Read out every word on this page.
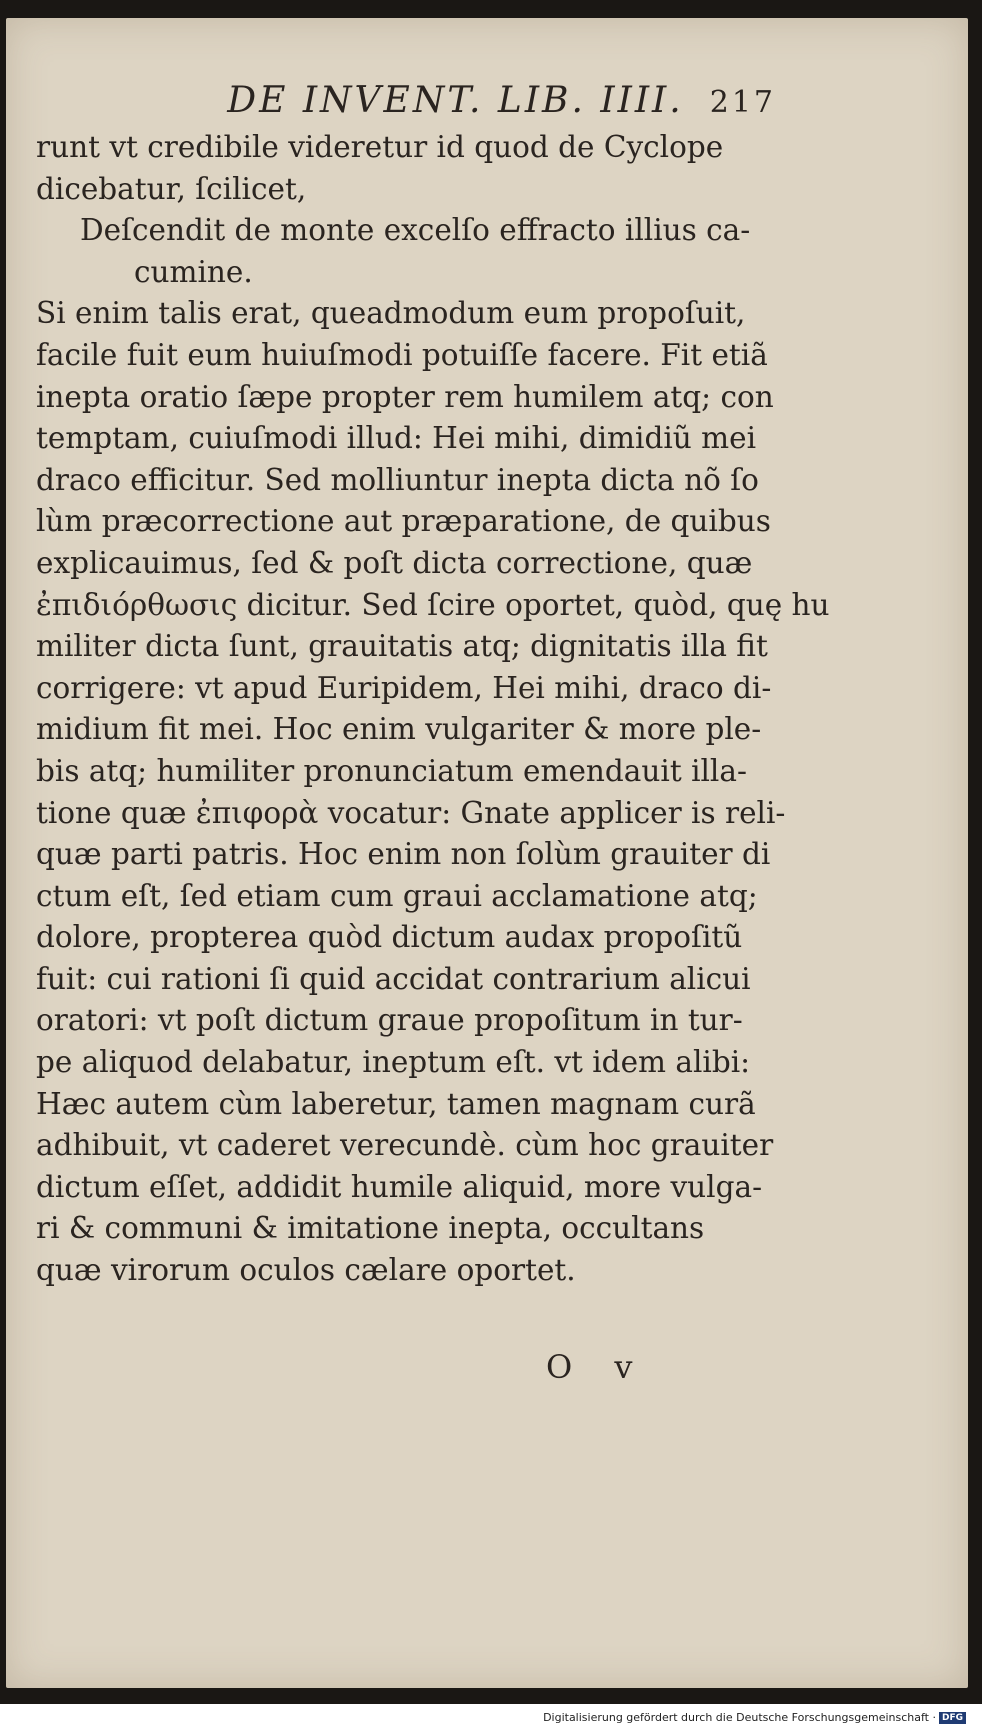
DE INVENT. LIB. IIII. 217
runt vt credibile videretur id quod de Cyclope
dicebatur, ſcilicet,
Deſcendit de monte excelſo effracto illius ca-
cumine.
Si enim talis erat, queadmodum eum propoſuit,
facile fuit eum huiuſmodi potuiſſe facere. Fit etiã
inepta oratio ſæpe propter rem humilem atq; con
temptam, cuiuſmodi illud: Hei mihi, dimidiũ mei
draco efficitur. Sed molliuntur inepta dicta nõ ſo
lùm præcorrectione aut præparatione, de quibus
explicauimus, ſed & poſt dicta correctione, quæ
ἐπιδιόρθωσις dicitur. Sed ſcire oportet, quòd, quę hu
militer dicta ſunt, grauitatis atq; dignitatis illa fit
corrigere: vt apud Euripidem, Hei mihi, draco di-
midium fit mei. Hoc enim vulgariter & more ple-
bis atq; humiliter pronunciatum emendauit illa-
tione quæ ἐπιφορὰ vocatur: Gnate applicer is reli-
quæ parti patris. Hoc enim non ſolùm grauiter di
ctum eſt, ſed etiam cum graui acclamatione atq;
dolore, propterea quòd dictum audax propoſitũ
fuit: cui rationi ſi quid accidat contrarium alicui
oratori: vt poſt dictum graue propoſitum in tur-
pe aliquod delabatur, ineptum eſt. vt idem alibi:
Hæc autem cùm laberetur, tamen magnam curã
adhibuit, vt caderet verecundè. cùm hoc grauiter
dictum eſſet, addidit humile aliquid, more vulga-
ri & communi & imitatione inepta, occultans
quæ virorum oculos cælare oportet.
O v
Digitalisierung gefördert durch die Deutsche Forschungsgemeinschaft · DFG
